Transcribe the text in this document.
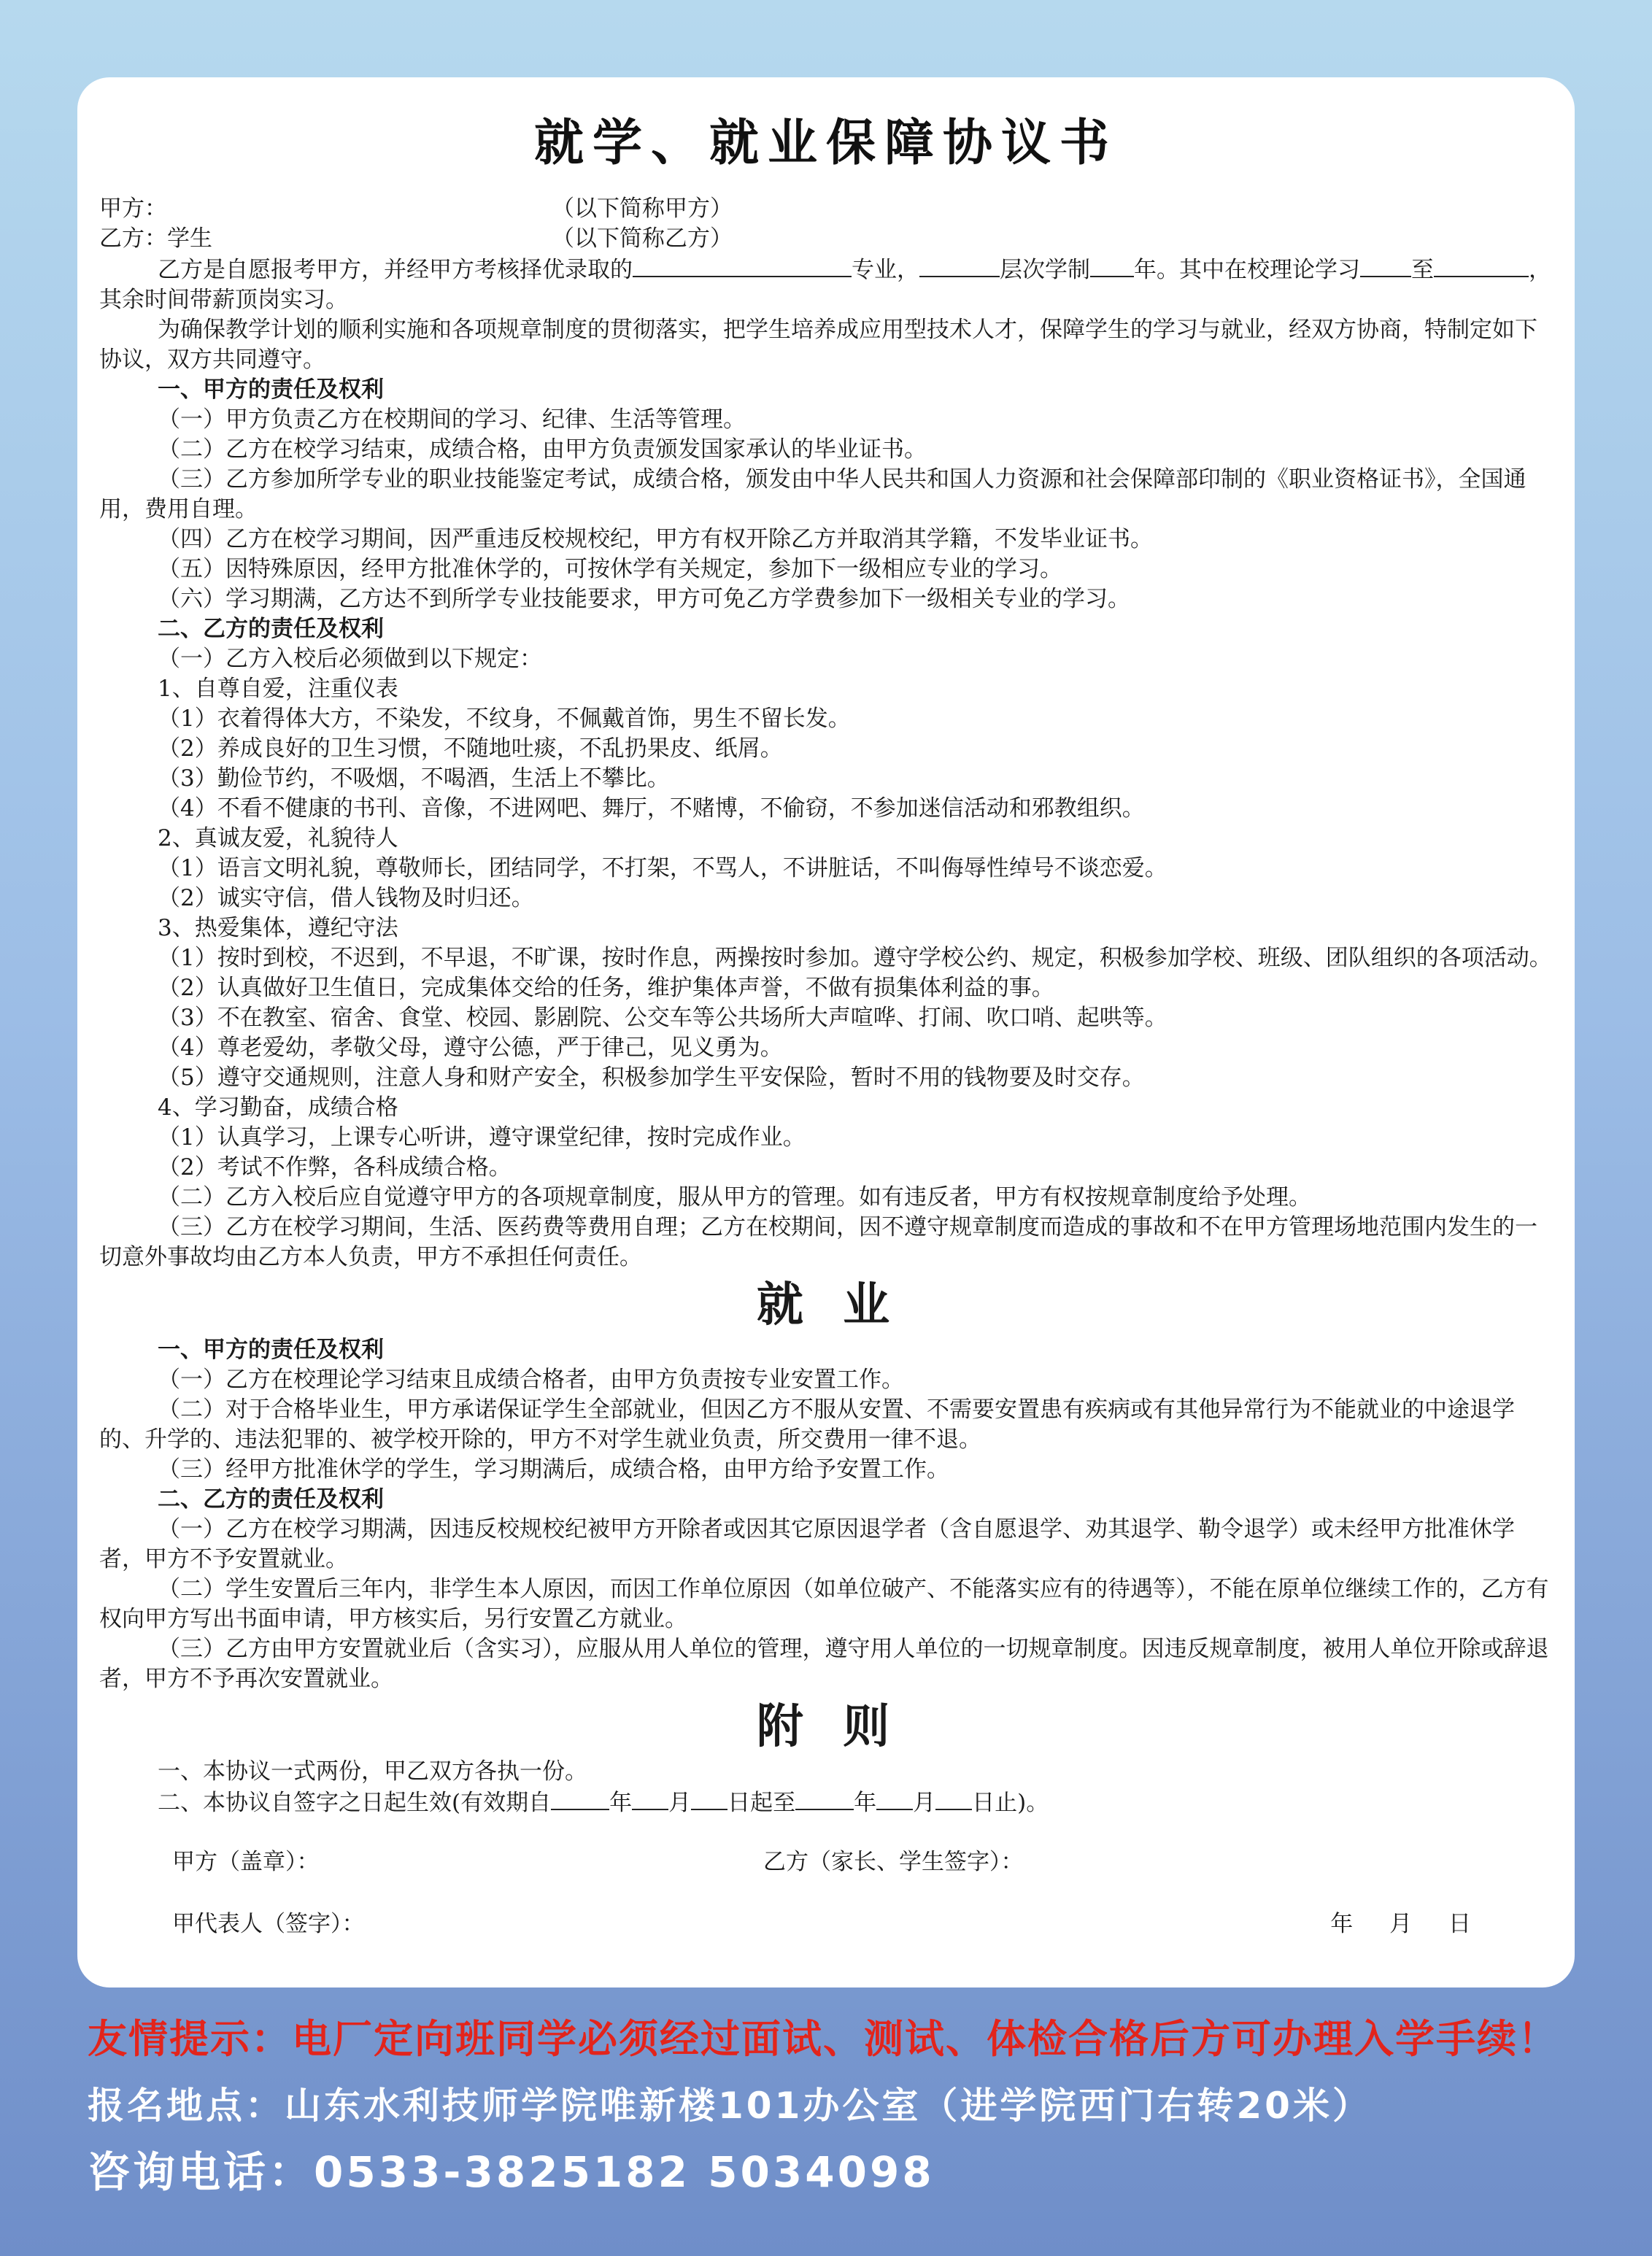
就学、就业保障协议书
甲方：	（以下简称甲方）
乙方：学生	（以下简称乙方）

乙方是自愿报考甲方，并经甲方考核择优录取的	专业，	层次学制 年。其中在校理论学习 至	，其余时间带薪顶岗实习。

为确保教学计划的顺利实施和各项规章制度的贯彻落实，把学生培养成应用型技术人才，保障学生的学习与就业，经双方协商，特制定如下协议，双方共同遵守。

一、甲方的责任及权利

（一）甲方负责乙方在校期间的学习、纪律、生活等管理。

（二）乙方在校学习结束，成绩合格，由甲方负责颁发国家承认的毕业证书。

（三）乙方参加所学专业的职业技能鉴定考试，成绩合格，颁发由中华人民共和国人力资源和社会保障部印制的《职业资格证书》，全国通用，费用自理。

（四）乙方在校学习期间，因严重违反校规校纪，甲方有权开除乙方并取消其学籍，不发毕业证书。

（五）因特殊原因，经甲方批准休学的，可按休学有关规定，参加下一级相应专业的学习。

（六）学习期满，乙方达不到所学专业技能要求，甲方可免乙方学费参加下一级相关专业的学习。

二、乙方的责任及权利

（一）乙方入校后必须做到以下规定：

1、自尊自爱，注重仪表

（1）衣着得体大方，不染发，不纹身，不佩戴首饰，男生不留长发。

（2）养成良好的卫生习惯，不随地吐痰，不乱扔果皮、纸屑。

（3）勤俭节约，不吸烟，不喝酒，生活上不攀比。

（4）不看不健康的书刊、音像，不进网吧、舞厅，不赌博，不偷窃，不参加迷信活动和邪教组织。

2、真诚友爱，礼貌待人

（1）语言文明礼貌，尊敬师长，团结同学，不打架，不骂人，不讲脏话，不叫侮辱性绰号不谈恋爱。

（2）诚实守信，借人钱物及时归还。

3、热爱集体，遵纪守法

（1）按时到校，不迟到，不早退，不旷课，按时作息，两操按时参加。遵守学校公约、规定，积极参加学校、班级、团队组织的各项活动。

（2）认真做好卫生值日，完成集体交给的任务，维护集体声誉，不做有损集体利益的事。

（3）不在教室、宿舍、食堂、校园、影剧院、公交车等公共场所大声喧哗、打闹、吹口哨、起哄等。

（4）尊老爱幼，孝敬父母，遵守公德，严于律己，见义勇为。

（5）遵守交通规则，注意人身和财产安全，积极参加学生平安保险，暂时不用的钱物要及时交存。

4、学习勤奋，成绩合格

（1）认真学习，上课专心听讲，遵守课堂纪律，按时完成作业。

（2）考试不作弊，各科成绩合格。

（二）乙方入校后应自觉遵守甲方的各项规章制度，服从甲方的管理。如有违反者，甲方有权按规章制度给予处理。

（三）乙方在校学习期间，生活、医药费等费用自理；乙方在校期间，因不遵守规章制度而造成的事故和不在甲方管理场地范围内发生的一切意外事故均由乙方本人负责，甲方不承担任何责任。

就 业

一、甲方的责任及权利

（一）乙方在校理论学习结束且成绩合格者，由甲方负责按专业安置工作。

（二）对于合格毕业生，甲方承诺保证学生全部就业，但因乙方不服从安置、不需要安置患有疾病或有其他异常行为不能就业的中途退学的、升学的、违法犯罪的、被学校开除的，甲方不对学生就业负责，所交费用一律不退。

（三）经甲方批准休学的学生，学习期满后，成绩合格，由甲方给予安置工作。

二、乙方的责任及权利

（一）乙方在校学习期满，因违反校规校纪被甲方开除者或因其它原因退学者（含自愿退学、劝其退学、勒令退学）或未经甲方批准休学者，甲方不予安置就业。

（二）学生安置后三年内，非学生本人原因，而因工作单位原因（如单位破产、不能落实应有的待遇等），不能在原单位继续工作的，乙方有权向甲方写出书面申请，甲方核实后，另行安置乙方就业。

（三）乙方由甲方安置就业后（含实习），应服从用人单位的管理，遵守用人单位的一切规章制度。因违反规章制度，被用人单位开除或辞退者，甲方不予再次安置就业。

附 则

一、本协议一式两份，甲乙双方各执一份。

二、本协议自签字之日起生效(有效期自	年 月 日起至	年 月 日止)。

甲方（盖章）：	乙方（家长、学生签字）：
甲代表人（签字）：	年 月 日
友情提示：电厂定向班同学必须经过面试、测试、体检合格后方可办理入学手续！
报名地点：山东水利技师学院唯新楼101办公室（进学院西门右转20米）
咨询电话：0533-3825182 5034098
